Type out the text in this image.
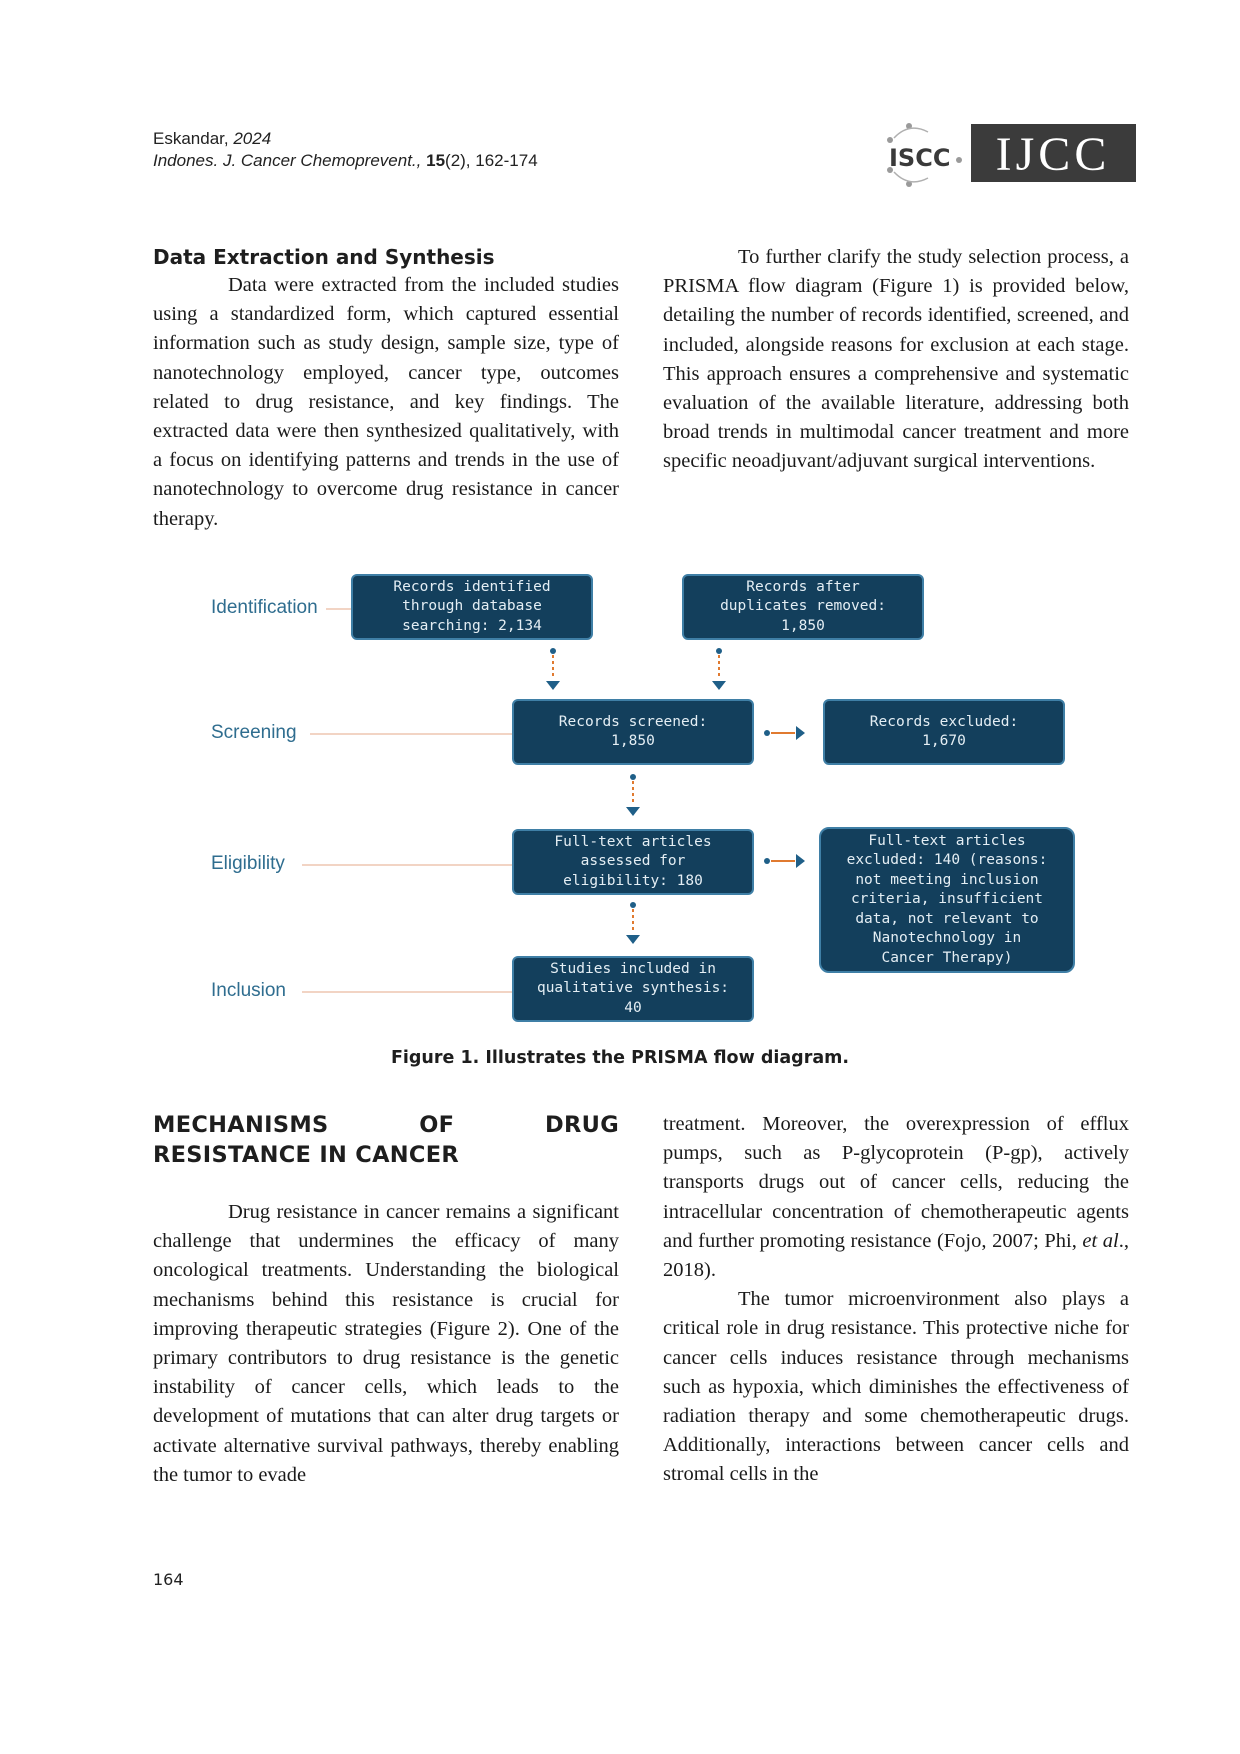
Eskandar, 2024
Indones. J. Cancer Chemoprevent., 15(2), 162-174	ISCC IJCC
Data Extraction and Synthesis

Data were extracted from the included studies using a standardized form, which captured essential information such as study design, sample size, type of nanotechnology employed, cancer type, outcomes related to drug resistance, and key findings. The extracted data were then synthesized qualitatively, with a focus on identifying patterns and trends in the use of nanotechnology to overcome drug resistance in cancer therapy.

To further clarify the study selection process, a PRISMA flow diagram (Figure 1) is provided below, detailing the number of records identified, screened, and included, alongside reasons for exclusion at each stage. This approach ensures a comprehensive and systematic evaluation of the available literature, addressing both broad trends in multimodal cancer treatment and more specific neoadjuvant/adjuvant surgical interventions.

Identification
Screening
Eligibility
Inclusion
Records identified
through database
searching: 2,134
Records after
duplicates removed:
1,850
Records screened:
1,850
Records excluded:
1,670
Full-text articles
assessed for
eligibility: 180
Full-text articles
excluded: 140 (reasons:
not meeting inclusion
criteria, insufficient
data, not relevant to
Nanotechnology in
Cancer Therapy)
Studies included in
qualitative synthesis:
40
Figure 1. Illustrates the PRISMA flow diagram.
MECHANISMS OF DRUG RESISTANCE IN CANCER

Drug resistance in cancer remains a significant challenge that undermines the efficacy of many oncological treatments. Understanding the biological mechanisms behind this resistance is crucial for improving therapeutic strategies (Figure 2). One of the primary contributors to drug resistance is the genetic instability of cancer cells, which leads to the development of mutations that can alter drug targets or activate alternative survival pathways, thereby enabling the tumor to evade

treatment. Moreover, the overexpression of efflux pumps, such as P-glycoprotein (P-gp), actively transports drugs out of cancer cells, reducing the intracellular concentration of chemotherapeutic agents and further promoting resistance (Fojo, 2007; Phi, et al., 2018).

The tumor microenvironment also plays a critical role in drug resistance. This protective niche for cancer cells induces resistance through mechanisms such as hypoxia, which diminishes the effectiveness of radiation therapy and some chemotherapeutic drugs. Additionally, interactions between cancer cells and stromal cells in the

164
